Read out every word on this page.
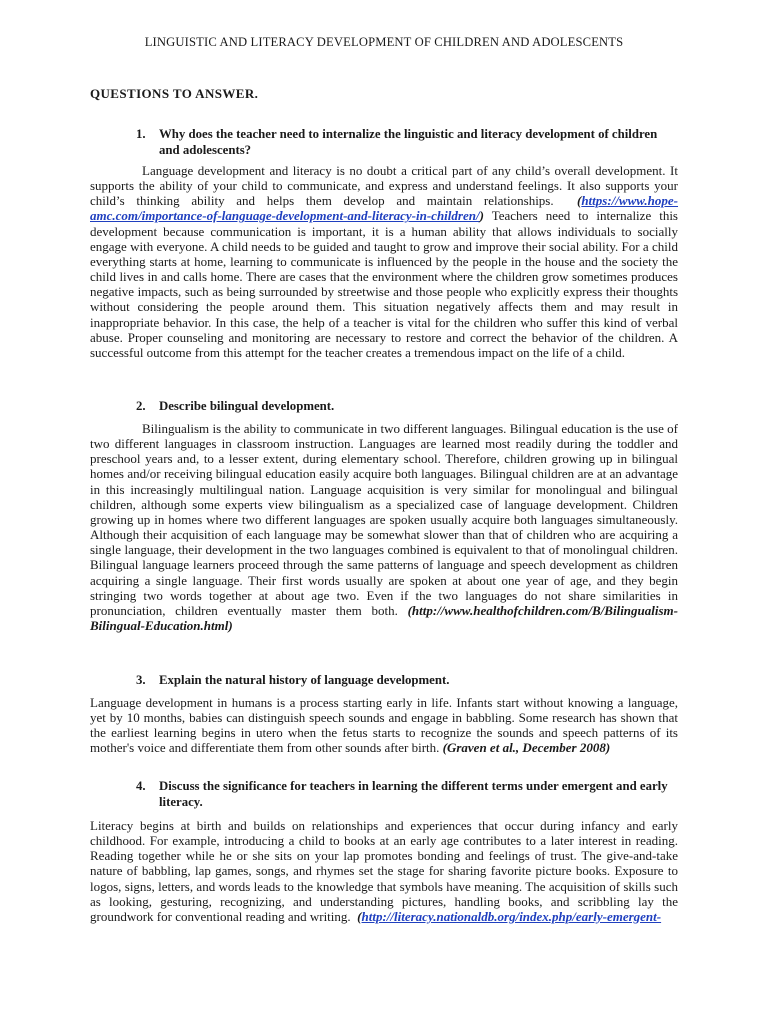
LINGUISTIC AND LITERACY DEVELOPMENT OF CHILDREN AND ADOLESCENTS
QUESTIONS TO ANSWER.
1.	Why does the teacher need to internalize the linguistic and literacy development of children and adolescents?
Language development and literacy is no doubt a critical part of any child’s overall development. It supports the ability of your child to communicate, and express and understand feelings. It also supports your child’s thinking ability and helps them develop and maintain relationships. (https://www.hope-amc.com/importance-of-language-development-and-literacy-in-children/) Teachers need to internalize this development because communication is important, it is a human ability that allows individuals to socially engage with everyone. A child needs to be guided and taught to grow and improve their social ability. For a child everything starts at home, learning to communicate is influenced by the people in the house and the society the child lives in and calls home. There are cases that the environment where the children grow sometimes produces negative impacts, such as being surrounded by streetwise and those people who explicitly express their thoughts without considering the people around them. This situation negatively affects them and may result in inappropriate behavior. In this case, the help of a teacher is vital for the children who suffer this kind of verbal abuse. Proper counseling and monitoring are necessary to restore and correct the behavior of the children. A successful outcome from this attempt for the teacher creates a tremendous impact on the life of a child.
2.	Describe bilingual development.
Bilingualism is the ability to communicate in two different languages. Bilingual education is the use of two different languages in classroom instruction. Languages are learned most readily during the toddler and preschool years and, to a lesser extent, during elementary school. Therefore, children growing up in bilingual homes and/or receiving bilingual education easily acquire both languages. Bilingual children are at an advantage in this increasingly multilingual nation. Language acquisition is very similar for monolingual and bilingual children, although some experts view bilingualism as a specialized case of language development. Children growing up in homes where two different languages are spoken usually acquire both languages simultaneously. Although their acquisition of each language may be somewhat slower than that of children who are acquiring a single language, their development in the two languages combined is equivalent to that of monolingual children. Bilingual language learners proceed through the same patterns of language and speech development as children acquiring a single language. Their first words usually are spoken at about one year of age, and they begin stringing two words together at about age two. Even if the two languages do not share similarities in pronunciation, children eventually master them both. (http://www.healthofchildren.com/B/Bilingualism-Bilingual-Education.html)
3.	Explain the natural history of language development.
Language development in humans is a process starting early in life. Infants start without knowing a language, yet by 10 months, babies can distinguish speech sounds and engage in babbling. Some research has shown that the earliest learning begins in utero when the fetus starts to recognize the sounds and speech patterns of its mother's voice and differentiate them from other sounds after birth. (Graven et al., December 2008)
4.	Discuss the significance for teachers in learning the different terms under emergent and early literacy.
Literacy begins at birth and builds on relationships and experiences that occur during infancy and early childhood. For example, introducing a child to books at an early age contributes to a later interest in reading. Reading together while he or she sits on your lap promotes bonding and feelings of trust. The give-and-take nature of babbling, lap games, songs, and rhymes set the stage for sharing favorite picture books. Exposure to logos, signs, letters, and words leads to the knowledge that symbols have meaning. The acquisition of skills such as looking, gesturing, recognizing, and understanding pictures, handling books, and scribbling lay the groundwork for conventional reading and writing. (http://literacy.nationaldb.org/index.php/early-emergent-
